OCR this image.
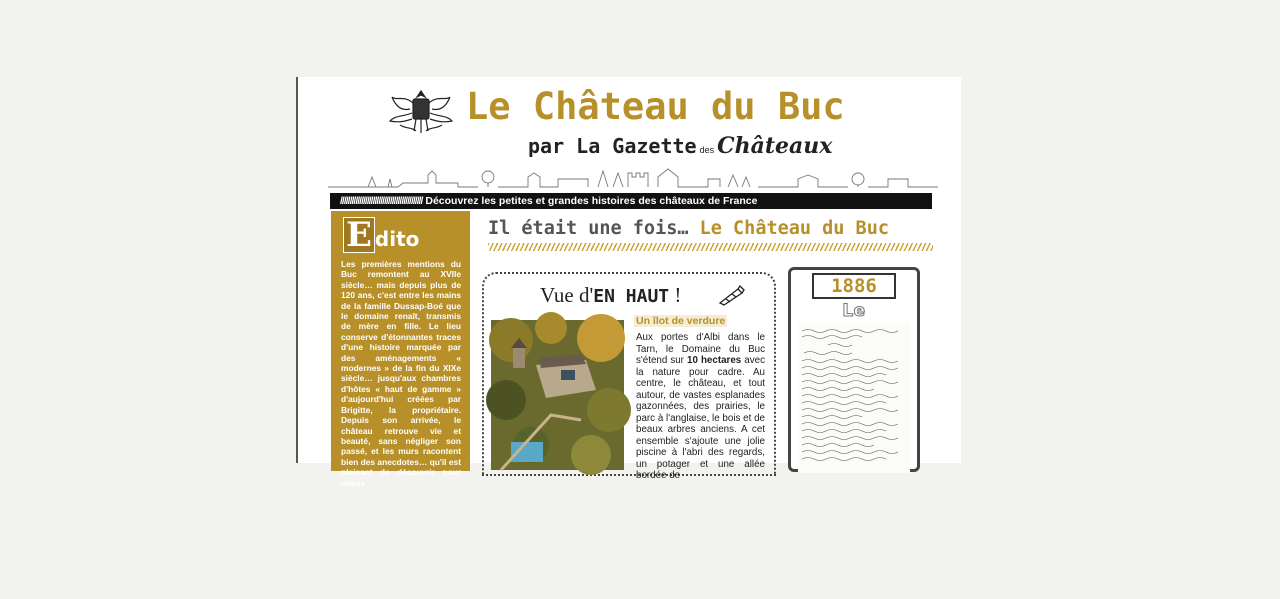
Le Château du Buc
par La Gazette des Châteaux
/////////////////////////////////////////// Découvrez les petites et grandes histoires des châteaux de France
E dito
Les premières mentions du Buc remontent au XVIIe siècle… mais depuis plus de 120 ans, c'est entre les mains de la famille Dussap-Boé que le domaine renaît, transmis de mère en fille. Le lieu conserve d'étonnantes traces d'une histoire marquée par des aménagements « modernes » de la fin du XIXe siècle… jusqu'aux chambres d'hôtes « haut de gamme » d'aujourd'hui créées par Brigitte, la propriétaire. Depuis son arrivée, le château retrouve vie et beauté, sans négliger son passé, et les murs racontent bien des anecdotes… qu'il est plaisant de découvrir pour mieux
Il était une fois… Le Château du Buc
Vue d'EN HAUT !
Un îlot de verdure
Aux portes d'Albi dans le Tarn, le Domaine du Buc s'étend sur 10 hectares avec la nature pour cadre. Au centre, le château, et tout autour, de vastes esplanades gazonnées, des prairies, le parc à l'anglaise, le bois et de beaux arbres anciens. A cet ensemble s'ajoute une jolie piscine à l'abri des regards, un potager et une allée bordée de
1886
Le
